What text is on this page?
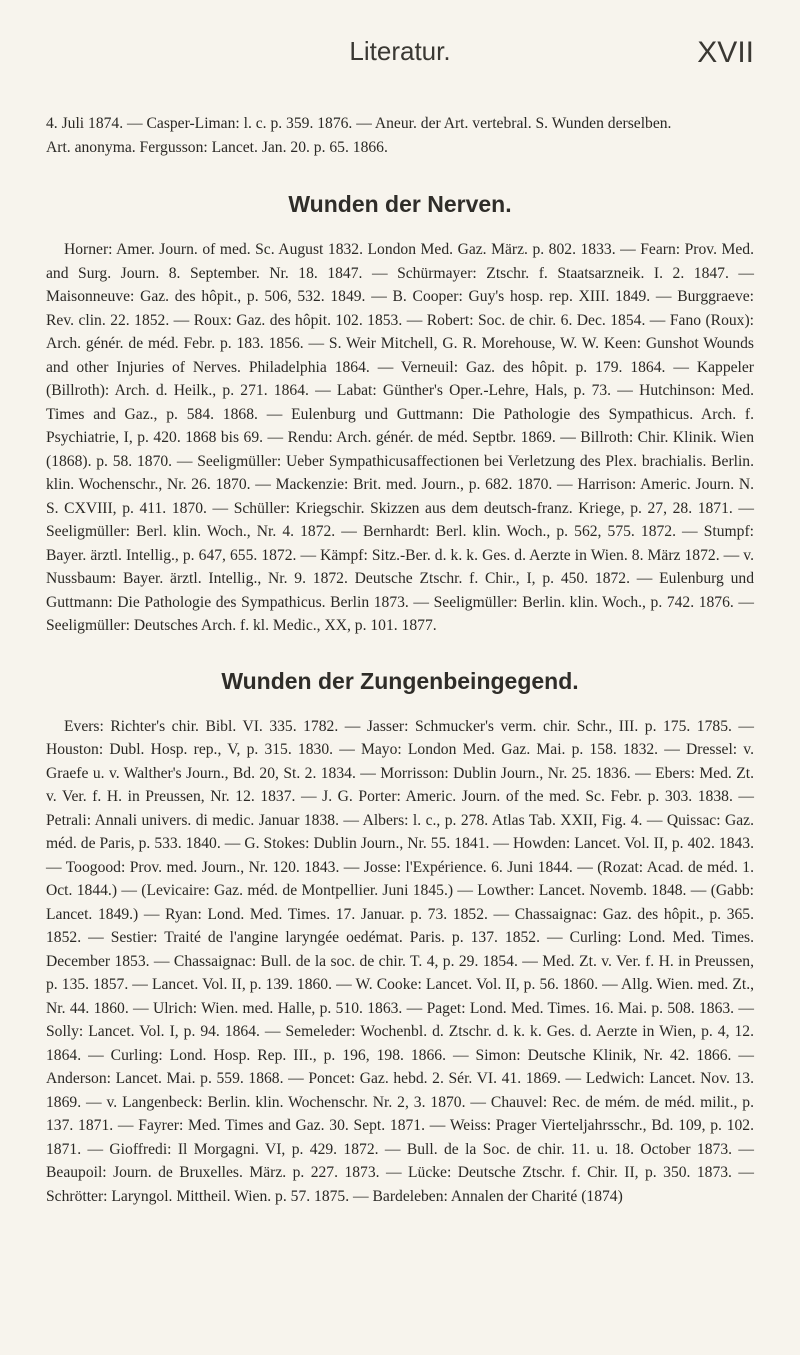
Literatur.	XVII

4. Juli 1874. — Casper-Liman: l. c. p. 359. 1876. — Aneur. der Art. vertebral. S. Wunden derselben.

Art. anonyma. Fergusson: Lancet. Jan. 20. p. 65. 1866.

Wunden der Nerven.

Horner: Amer. Journ. of med. Sc. August 1832. London Med. Gaz. März. p. 802. 1833. — Fearn: Prov. Med. and Surg. Journ. 8. September. Nr. 18. 1847. — Schürmayer: Ztschr. f. Staatsarzneik. I. 2. 1847. — Maisonneuve: Gaz. des hôpit., p. 506, 532. 1849. — B. Cooper: Guy's hosp. rep. XIII. 1849. — Burggraeve: Rev. clin. 22. 1852. — Roux: Gaz. des hôpit. 102. 1853. — Robert: Soc. de chir. 6. Dec. 1854. — Fano (Roux): Arch. génér. de méd. Febr. p. 183. 1856. — S. Weir Mitchell, G. R. Morehouse, W. W. Keen: Gunshot Wounds and other Injuries of Nerves. Philadelphia 1864. — Verneuil: Gaz. des hôpit. p. 179. 1864. — Kappeler (Billroth): Arch. d. Heilk., p. 271. 1864. — Labat: Günther's Oper.-Lehre, Hals, p. 73. — Hutchinson: Med. Times and Gaz., p. 584. 1868. — Eulenburg und Guttmann: Die Pathologie des Sympathicus. Arch. f. Psychiatrie, I, p. 420. 1868 bis 69. — Rendu: Arch. génér. de méd. Septbr. 1869. — Billroth: Chir. Klinik. Wien (1868). p. 58. 1870. — Seeligmüller: Ueber Sympathicusaffectionen bei Verletzung des Plex. brachialis. Berlin. klin. Wochenschr., Nr. 26. 1870. — Mackenzie: Brit. med. Journ., p. 682. 1870. — Harrison: Americ. Journ. N. S. CXVIII, p. 411. 1870. — Schüller: Kriegschir. Skizzen aus dem deutsch-franz. Kriege, p. 27, 28. 1871. — Seeligmüller: Berl. klin. Woch., Nr. 4. 1872. — Bernhardt: Berl. klin. Woch., p. 562, 575. 1872. — Stumpf: Bayer. ärztl. Intellig., p. 647, 655. 1872. — Kämpf: Sitz.-Ber. d. k. k. Ges. d. Aerzte in Wien. 8. März 1872. — v. Nussbaum: Bayer. ärztl. Intellig., Nr. 9. 1872. Deutsche Ztschr. f. Chir., I, p. 450. 1872. — Eulenburg und Guttmann: Die Pathologie des Sympathicus. Berlin 1873. — Seeligmüller: Berlin. klin. Woch., p. 742. 1876. — Seeligmüller: Deutsches Arch. f. kl. Medic., XX, p. 101. 1877.

Wunden der Zungenbeingegend.

Evers: Richter's chir. Bibl. VI. 335. 1782. — Jasser: Schmucker's verm. chir. Schr., III. p. 175. 1785. — Houston: Dubl. Hosp. rep., V, p. 315. 1830. — Mayo: London Med. Gaz. Mai. p. 158. 1832. — Dressel: v. Graefe u. v. Walther's Journ., Bd. 20, St. 2. 1834. — Morrisson: Dublin Journ., Nr. 25. 1836. — Ebers: Med. Zt. v. Ver. f. H. in Preussen, Nr. 12. 1837. — J. G. Porter: Americ. Journ. of the med. Sc. Febr. p. 303. 1838. — Petrali: Annali univers. di medic. Januar 1838. — Albers: l. c., p. 278. Atlas Tab. XXII, Fig. 4. — Quissac: Gaz. méd. de Paris, p. 533. 1840. — G. Stokes: Dublin Journ., Nr. 55. 1841. — Howden: Lancet. Vol. II, p. 402. 1843. — Toogood: Prov. med. Journ., Nr. 120. 1843. — Josse: l'Expérience. 6. Juni 1844. — (Rozat: Acad. de méd. 1. Oct. 1844.) — (Levicaire: Gaz. méd. de Montpellier. Juni 1845.) — Lowther: Lancet. Novemb. 1848. — (Gabb: Lancet. 1849.) — Ryan: Lond. Med. Times. 17. Januar. p. 73. 1852. — Chassaignac: Gaz. des hôpit., p. 365. 1852. — Sestier: Traité de l'angine laryngée oedémat. Paris. p. 137. 1852. — Curling: Lond. Med. Times. December 1853. — Chassaignac: Bull. de la soc. de chir. T. 4, p. 29. 1854. — Med. Zt. v. Ver. f. H. in Preussen, p. 135. 1857. — Lancet. Vol. II, p. 139. 1860. — W. Cooke: Lancet. Vol. II, p. 56. 1860. — Allg. Wien. med. Zt., Nr. 44. 1860. — Ulrich: Wien. med. Halle, p. 510. 1863. — Paget: Lond. Med. Times. 16. Mai. p. 508. 1863. — Solly: Lancet. Vol. I, p. 94. 1864. — Semeleder: Wochenbl. d. Ztschr. d. k. k. Ges. d. Aerzte in Wien, p. 4, 12. 1864. — Curling: Lond. Hosp. Rep. III., p. 196, 198. 1866. — Simon: Deutsche Klinik, Nr. 42. 1866. — Anderson: Lancet. Mai. p. 559. 1868. — Poncet: Gaz. hebd. 2. Sér. VI. 41. 1869. — Ledwich: Lancet. Nov. 13. 1869. — v. Langenbeck: Berlin. klin. Wochenschr. Nr. 2, 3. 1870. — Chauvel: Rec. de mém. de méd. milit., p. 137. 1871. — Fayrer: Med. Times and Gaz. 30. Sept. 1871. — Weiss: Prager Vierteljahrsschr., Bd. 109, p. 102. 1871. — Gioffredi: Il Morgagni. VI, p. 429. 1872. — Bull. de la Soc. de chir. 11. u. 18. October 1873. — Beaupoil: Journ. de Bruxelles. März. p. 227. 1873. — Lücke: Deutsche Ztschr. f. Chir. II, p. 350. 1873. — Schrötter: Laryngol. Mittheil. Wien. p. 57. 1875. — Bardeleben: Annalen der Charité (1874)
